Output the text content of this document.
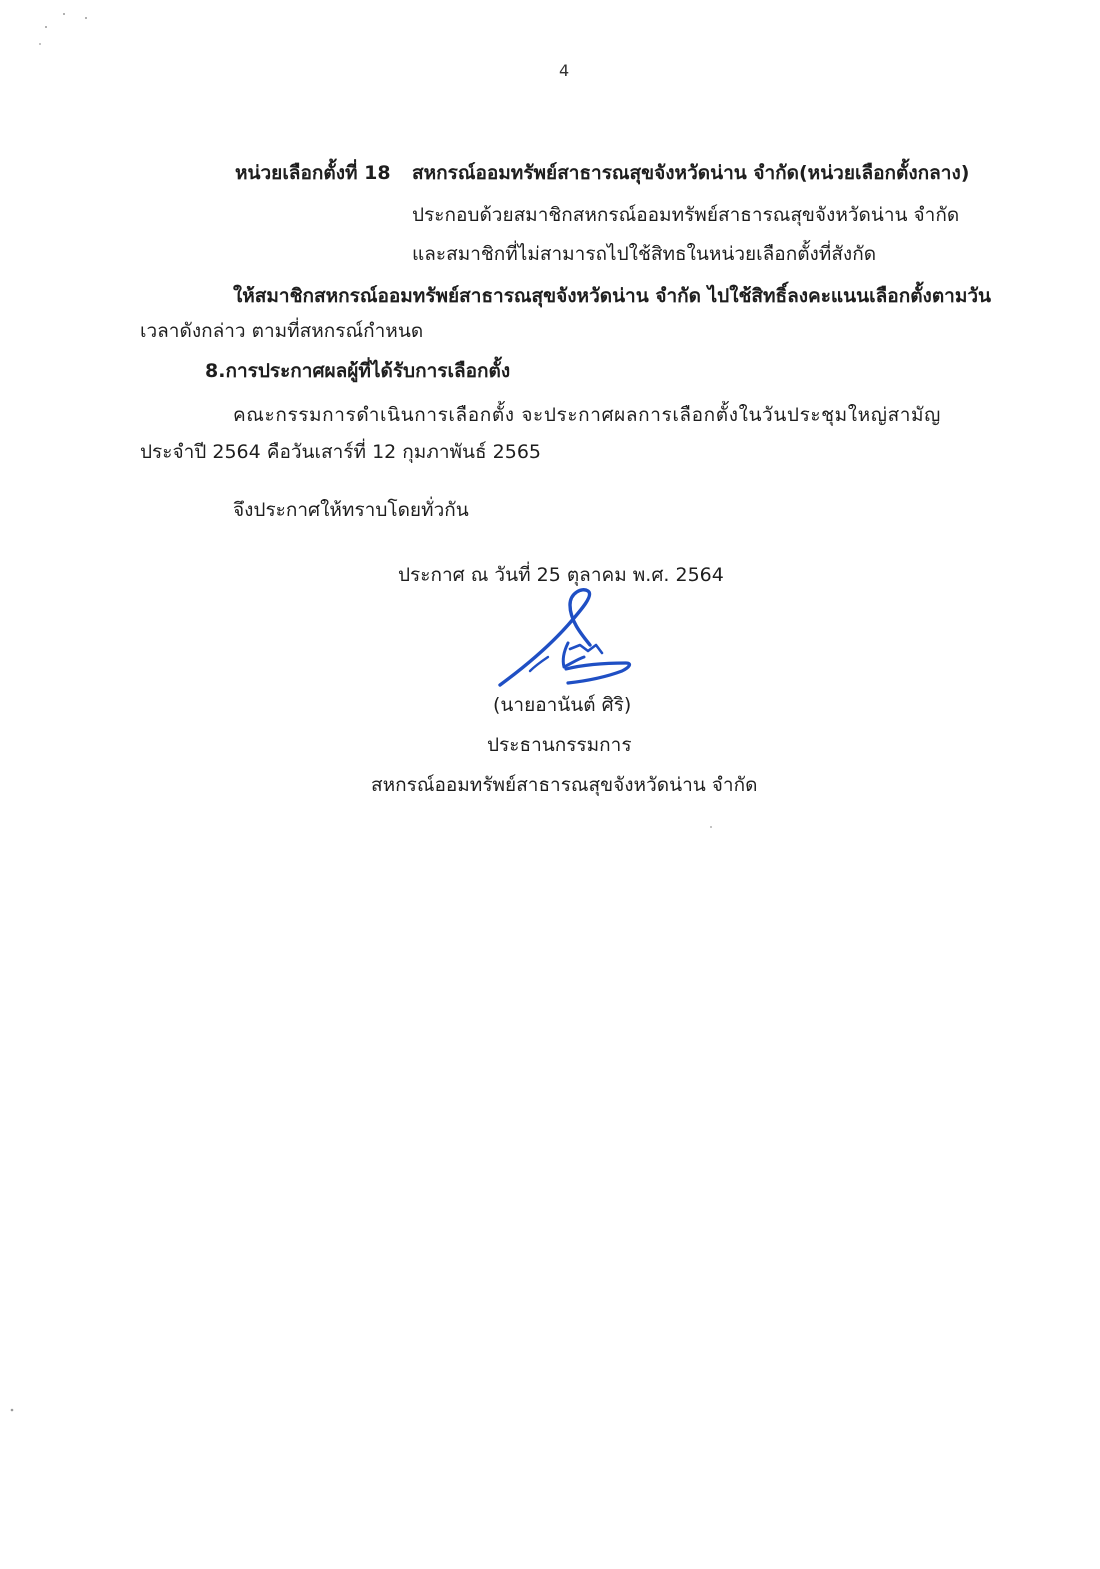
4
หน่วยเลือกตั้งที่ 18 สหกรณ์ออมทรัพย์สาธารณสุขจังหวัดน่าน จำกัด(หน่วยเลือกตั้งกลาง)
ประกอบด้วยสมาชิกสหกรณ์ออมทรัพย์สาธารณสุขจังหวัดน่าน จำกัด
และสมาชิกที่ไม่สามารถไปใช้สิทธในหน่วยเลือกตั้งที่สังกัด
ให้สมาชิกสหกรณ์ออมทรัพย์สาธารณสุขจังหวัดน่าน จำกัด ไปใช้สิทธิ์ลงคะแนนเลือกตั้งตามวัน
เวลาดังกล่าว ตามที่สหกรณ์กำหนด
8.การประกาศผลผู้ที่ได้รับการเลือกตั้ง
คณะกรรมการดำเนินการเลือกตั้ง จะประกาศผลการเลือกตั้งในวันประชุมใหญ่สามัญ
ประจำปี 2564 คือวันเสาร์ที่ 12 กุมภาพันธ์ 2565
จึงประกาศให้ทราบโดยทั่วกัน
ประกาศ ณ วันที่ 25 ตุลาคม พ.ศ. 2564
(นายอานันต์ ศิริ)
ประธานกรรมการ
สหกรณ์ออมทรัพย์สาธารณสุขจังหวัดน่าน จำกัด
